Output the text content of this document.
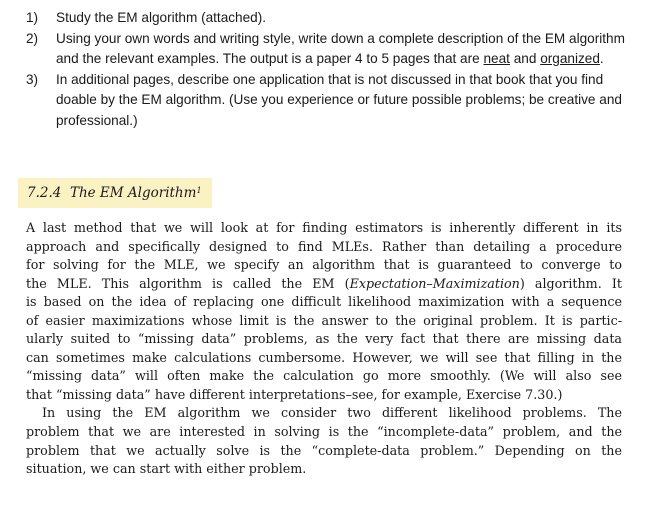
1) Study the EM algorithm (attached).
2) Using your own words and writing style, write down a complete description of the EM algorithm
and the relevant examples. The output is a paper 4 to 5 pages that are neat and organized.
3) In additional pages, describe one application that is not discussed in that book that you find
doable by the EM algorithm. (Use you experience or future possible problems; be creative and
professional.)
7.2.4 The EM Algorithm$^1$
A last method that we will look at for finding estimators is inherently different in its
approach and specifically designed to find MLEs. Rather than detailing a procedure
for solving for the MLE, we specify an algorithm that is guaranteed to converge to
the MLE. This algorithm is called the EM (Expectation–Maximization) algorithm. It
is based on the idea of replacing one difficult likelihood maximization with a sequence
of easier maximizations whose limit is the answer to the original problem. It is partic-
ularly suited to “missing data” problems, as the very fact that there are missing data
can sometimes make calculations cumbersome. However, we will see that filling in the
“missing data” will often make the calculation go more smoothly. (We will also see
that “missing data” have different interpretations–see, for example, Exercise 7.30.)
In using the EM algorithm we consider two different likelihood problems. The
problem that we are interested in solving is the “incomplete-data” problem, and the
problem that we actually solve is the “complete-data problem.” Depending on the
situation, we can start with either problem.
